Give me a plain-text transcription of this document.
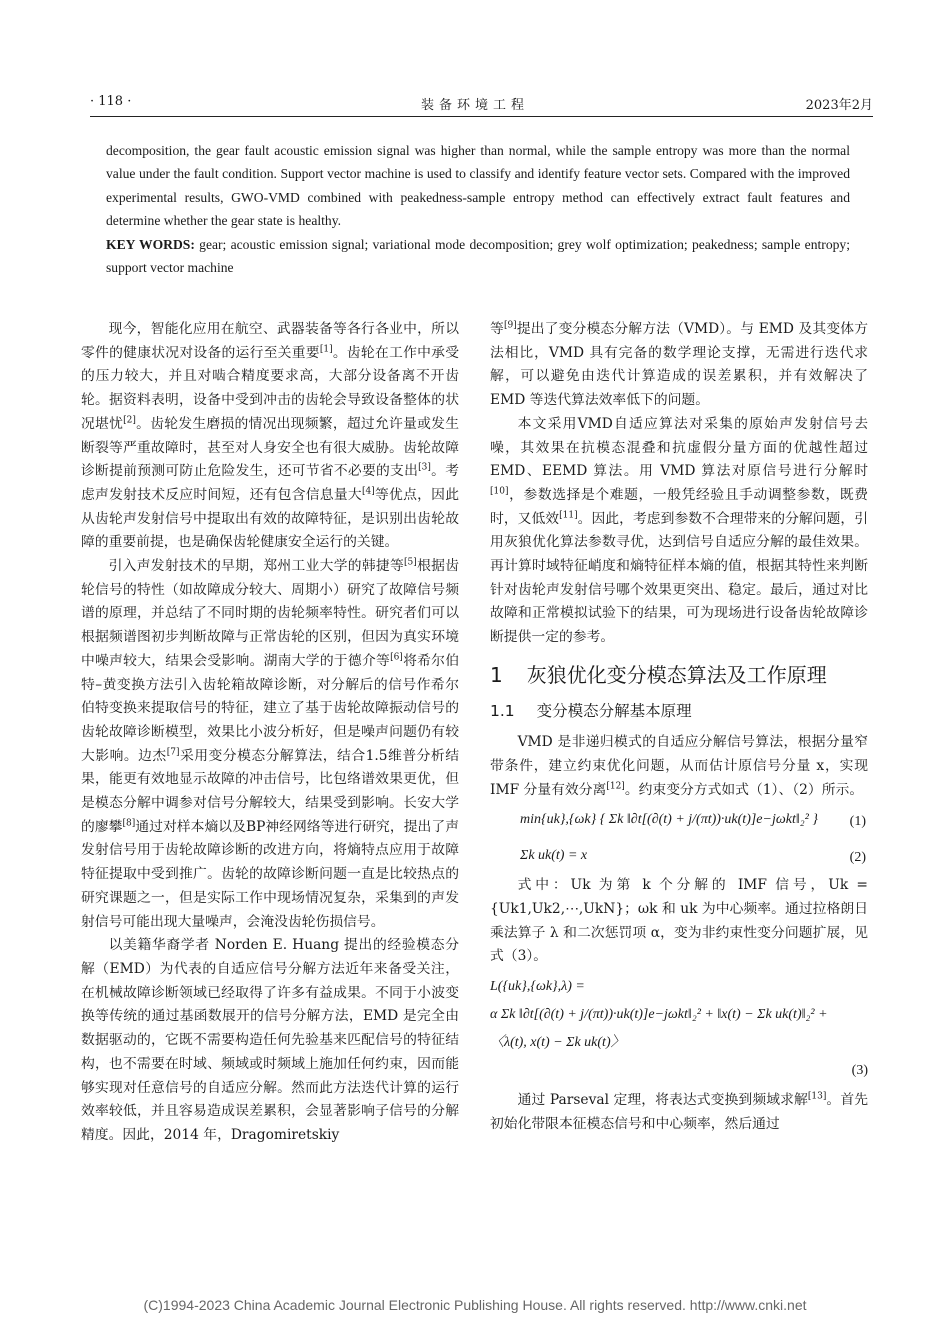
· 118 ·	装备环境工程	2023年2月

decomposition, the gear fault acoustic emission signal was higher than normal, while the sample entropy was more than the normal value under the fault condition. Support vector machine is used to classify and identify feature vector sets. Compared with the improved experimental results, GWO-VMD combined with peakedness-sample entropy method can effectively extract fault features and determine whether the gear state is healthy.

KEY WORDS: gear; acoustic emission signal; variational mode decomposition; grey wolf optimization; peakedness; sample entropy; support vector machine

现今，智能化应用在航空、武器装备等各行各业中，所以零件的健康状况对设备的运行至关重要[1]。齿轮在工作中承受的压力较大，并且对啮合精度要求高，大部分设备离不开齿轮。据资料表明，设备中受到冲击的齿轮会导致设备整体的状况堪忧[2]。齿轮发生磨损的情况出现频繁，超过允许量或发生断裂等严重故障时，甚至对人身安全也有很大威胁。齿轮故障诊断提前预测可防止危险发生，还可节省不必要的支出[3]。考虑声发射技术反应时间短，还有包含信息量大[4]等优点，因此从齿轮声发射信号中提取出有效的故障特征，是识别出齿轮故障的重要前提，也是确保齿轮健康安全运行的关键。

引入声发射技术的早期，郑州工业大学的韩捷等[5]根据齿轮信号的特性（如故障成分较大、周期小）研究了故障信号频谱的原理，并总结了不同时期的齿轮频率特性。研究者们可以根据频谱图初步判断故障与正常齿轮的区别，但因为真实环境中噪声较大，结果会受影响。湖南大学的于德介等[6]将希尔伯特–黄变换方法引入齿轮箱故障诊断，对分解后的信号作希尔伯特变换来提取信号的特征，建立了基于齿轮故障振动信号的齿轮故障诊断模型，效果比小波分析好，但是噪声问题仍有较大影响。边杰[7]采用变分模态分解算法，结合1.5维普分析结果，能更有效地显示故障的冲击信号，比包络谱效果更优，但是模态分解中调参对信号分解较大，结果受到影响。长安大学的廖攀[8]通过对样本熵以及BP神经网络等进行研究，提出了声发射信号用于齿轮故障诊断的改进方向，将熵特点应用于故障特征提取中受到推广。齿轮的故障诊断问题一直是比较热点的研究课题之一，但是实际工作中现场情况复杂，采集到的声发射信号可能出现大量噪声，会淹没齿轮伤损信号。

以美籍华裔学者 Norden E. Huang 提出的经验模态分解（EMD）为代表的自适应信号分解方法近年来备受关注，在机械故障诊断领域已经取得了许多有益成果。不同于小波变换等传统的通过基函数展开的信号分解方法，EMD 是完全由数据驱动的，它既不需要构造任何先验基来匹配信号的特征结构，也不需要在时域、频域或时频域上施加任何约束，因而能够实现对任意信号的自适应分解。然而此方法迭代计算的运行效率较低，并且容易造成误差累积，会显著影响子信号的分解精度。因此，2014 年，Dragomiretskiy

等[9]提出了变分模态分解方法（VMD）。与 EMD 及其变体方法相比，VMD 具有完备的数学理论支撑，无需进行迭代求解，可以避免由迭代计算造成的误差累积，并有效解决了 EMD 等迭代算法效率低下的问题。

本文采用VMD自适应算法对采集的原始声发射信号去噪，其效果在抗模态混叠和抗虚假分量方面的优越性超过 EMD、EEMD 算法。用 VMD 算法对原信号进行分解时[10]，参数选择是个难题，一般凭经验且手动调整参数，既费时，又低效[11]。因此，考虑到参数不合理带来的分解问题，引用灰狼优化算法参数寻优，达到信号自适应分解的最佳效果。再计算时域特征峭度和熵特征样本熵的值，根据其特性来判断针对齿轮声发射信号哪个效果更突出、稳定。最后，通过对比故障和正常模拟试验下的结果，可为现场进行设备齿轮故障诊断提供一定的参考。

1 灰狼优化变分模态算法及工作原理
1.1 变分模态分解基本原理

VMD 是非递归模式的自适应分解信号算法，根据分量窄带条件，建立约束优化问题，从而估计原信号分量 x，实现 IMF 分量有效分离[12]。约束变分方式如式（1）、（2）所示。

min{uk},{ωk} { Σk ‖∂t[(∂(t) + j/(πt))·uk(t)]e−jωkt‖₂² } (1)
Σk uk(t) = x	(2)

式中：Uk 为第 k 个分解的 IMF 信号，Uk = {Uk1,Uk2,⋯,UkN}；ωk 和 uk 为中心频率。通过拉格朗日乘法算子 λ 和二次惩罚项 α，变为非约束性变分问题扩展，见式（3）。

L({uk},{ωk},λ) =
α Σk ‖∂t[(∂(t) + j/(πt))·uk(t)]e−jωkt‖₂² + ‖x(t) − Σk uk(t)‖₂² +
〈λ(t), x(t) − Σk uk(t)〉
(3)

通过 Parseval 定理，将表达式变换到频域求解[13]。首先初始化带限本征模态信号和中心频率，然后通过

(C)1994-2023 China Academic Journal Electronic Publishing House. All rights reserved. http://www.cnki.net
